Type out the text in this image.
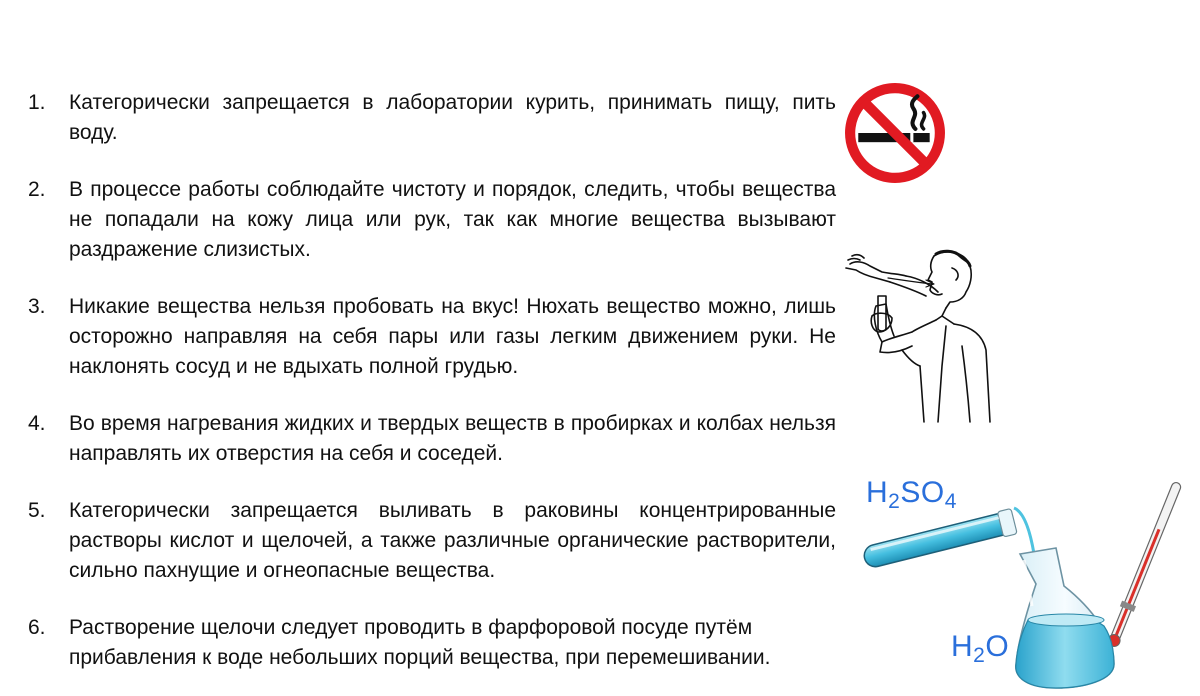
1.	Категорически запрещается в лаборатории курить, принимать пищу, пить воду.
2.	В процессе работы соблюдайте чистоту и порядок, следить, чтобы вещества не попадали на кожу лица или рук, так как многие вещества вызывают раздражение слизистых.
3.	Никакие вещества нельзя пробовать на вкус! Нюхать вещество можно, лишь осторожно направляя на себя пары или газы легким движением руки. Не наклонять сосуд и не вдыхать полной грудью.
4.	Во время нагревания жидких и твердых веществ в пробирках и колбах нельзя направлять их отверстия на себя и соседей.
5.	Категорически запрещается выливать в раковины концентрированные растворы кислот и щелочей, а также различные органические растворители, сильно пахнущие и огнеопасные вещества.
6.	Растворение щелочи следует проводить в фарфоровой посуде путём прибавления к воде небольших порций вещества, при перемешивании.
$H_2SO_4$
$H_2O$
